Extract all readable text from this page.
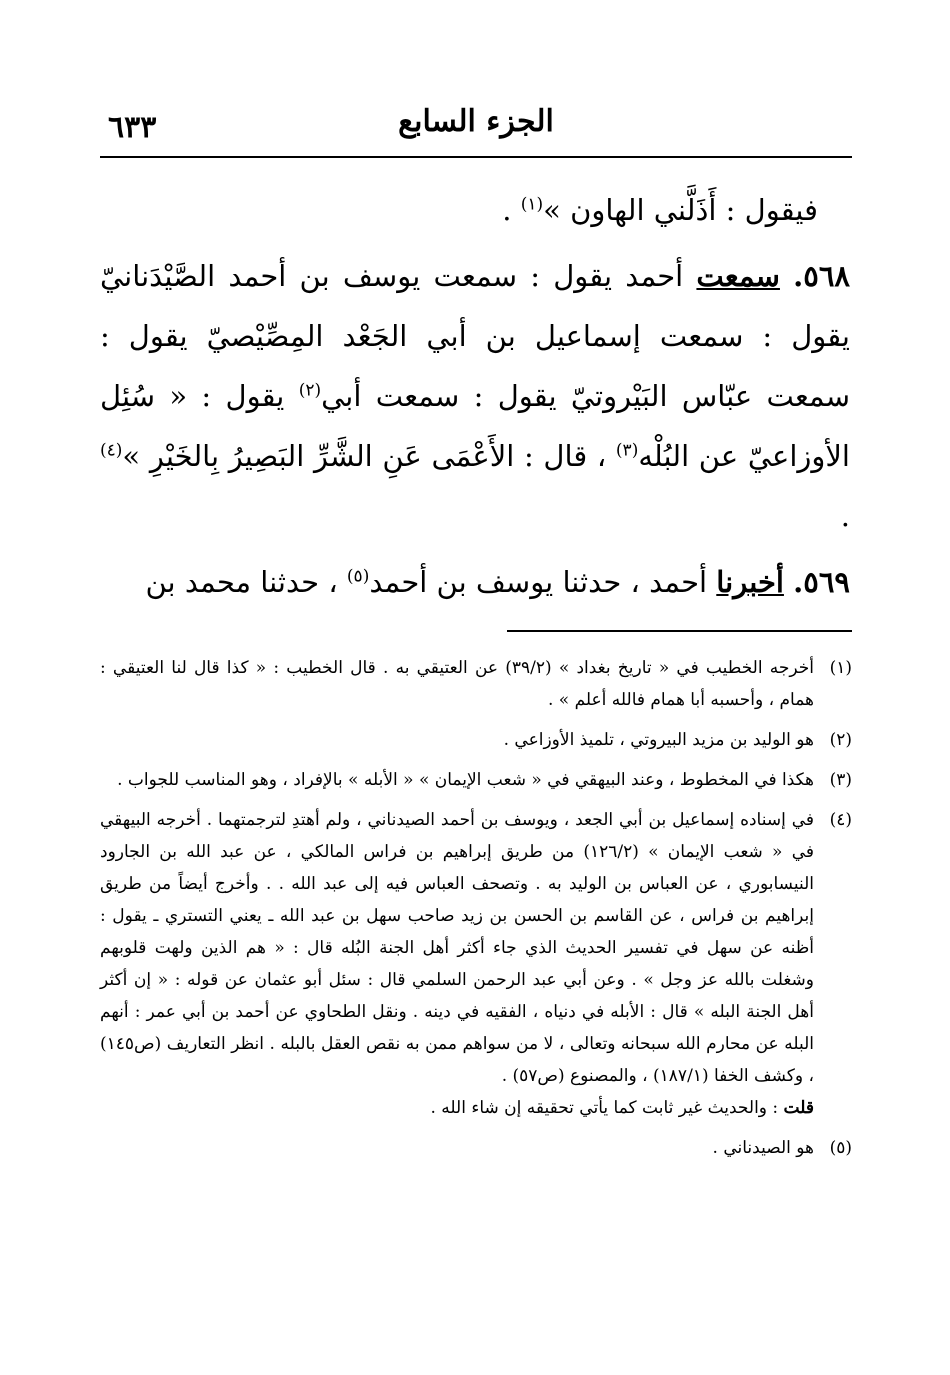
الجزء السابع
٦٣٣

فيقول : أَذَلَّني الهاون »$^{(١)}$ .

٥٦٨. سمعت أحمد يقول : سمعت يوسف بن أحمد الصَّيْدَنانيّ يقول : سمعت إسماعيل بن أبي الجَعْد المِصِّيْصيّ يقول : سمعت عبّاس البَيْروتيّ يقول : سمعت أبي$^{(٢)}$ يقول : « سُئِل الأوزاعيّ عن البُلْه$^{(٣)}$ ، قال : الأَعْمَى عَنِ الشَّرِّ البَصِيرُ بِالخَيْرِ »$^{(٤)}$ .

٥٦٩. أخبرنا أحمد ، حدثنا يوسف بن أحمد$^{(٥)}$ ، حدثنا محمد بن

(١)
أخرجه الخطيب في « تاريخ بغداد » (٣٩/٢) عن العتيقي به . قال الخطيب : « كذا قال لنا العتيقي : همام ، وأحسبه أبا همام فالله أعلم » .
(٢)
هو الوليد بن مزيد البيروتي ، تلميذ الأوزاعي .
(٣)
هكذا في المخطوط ، وعند البيهقي في « شعب الإيمان » « الأبله » بالإفراد ، وهو المناسب للجواب .
(٤)

في إسناده إسماعيل بن أبي الجعد ، ويوسف بن أحمد الصيدناني ، ولم أهتدِ لترجمتهما . أخرجه البيهقي في « شعب الإيمان » (١٢٦/٢) من طريق إبراهيم بن فراس المالكي ، عن عبد الله بن الجارود النيسابوري ، عن العباس بن الوليد به . وتصحف العباس فيه إلى عبد الله . . وأخرج أيضاً من طريق إبراهيم بن فراس ، عن القاسم بن الحسن بن زيد صاحب سهل بن عبد الله ـ يعني التستري ـ يقول : أظنه عن سهل في تفسير الحديث الذي جاء أكثر أهل الجنة البُله قال : « هم الذين ولهت قلوبهم وشغلت بالله عز وجل » . وعن أبي عبد الرحمن السلمي قال : سئل أبو عثمان عن قوله : « إن أكثر أهل الجنة البله » قال : الأبله في دنياه ، الفقيه في دينه . ونقل الطحاوي عن أحمد بن أبي عمر : أنهم البله عن محارم الله سبحانه وتعالى ، لا من سواهم ممن به نقص العقل بالبله . انظر التعاريف (ص١٤٥) ، وكشف الخفا (١٨٧/١) ، والمصنوع (ص٥٧) .

قلت : والحديث غير ثابت كما يأتي تحقيقه إن شاء الله .

(٥)
هو الصيدناني .
